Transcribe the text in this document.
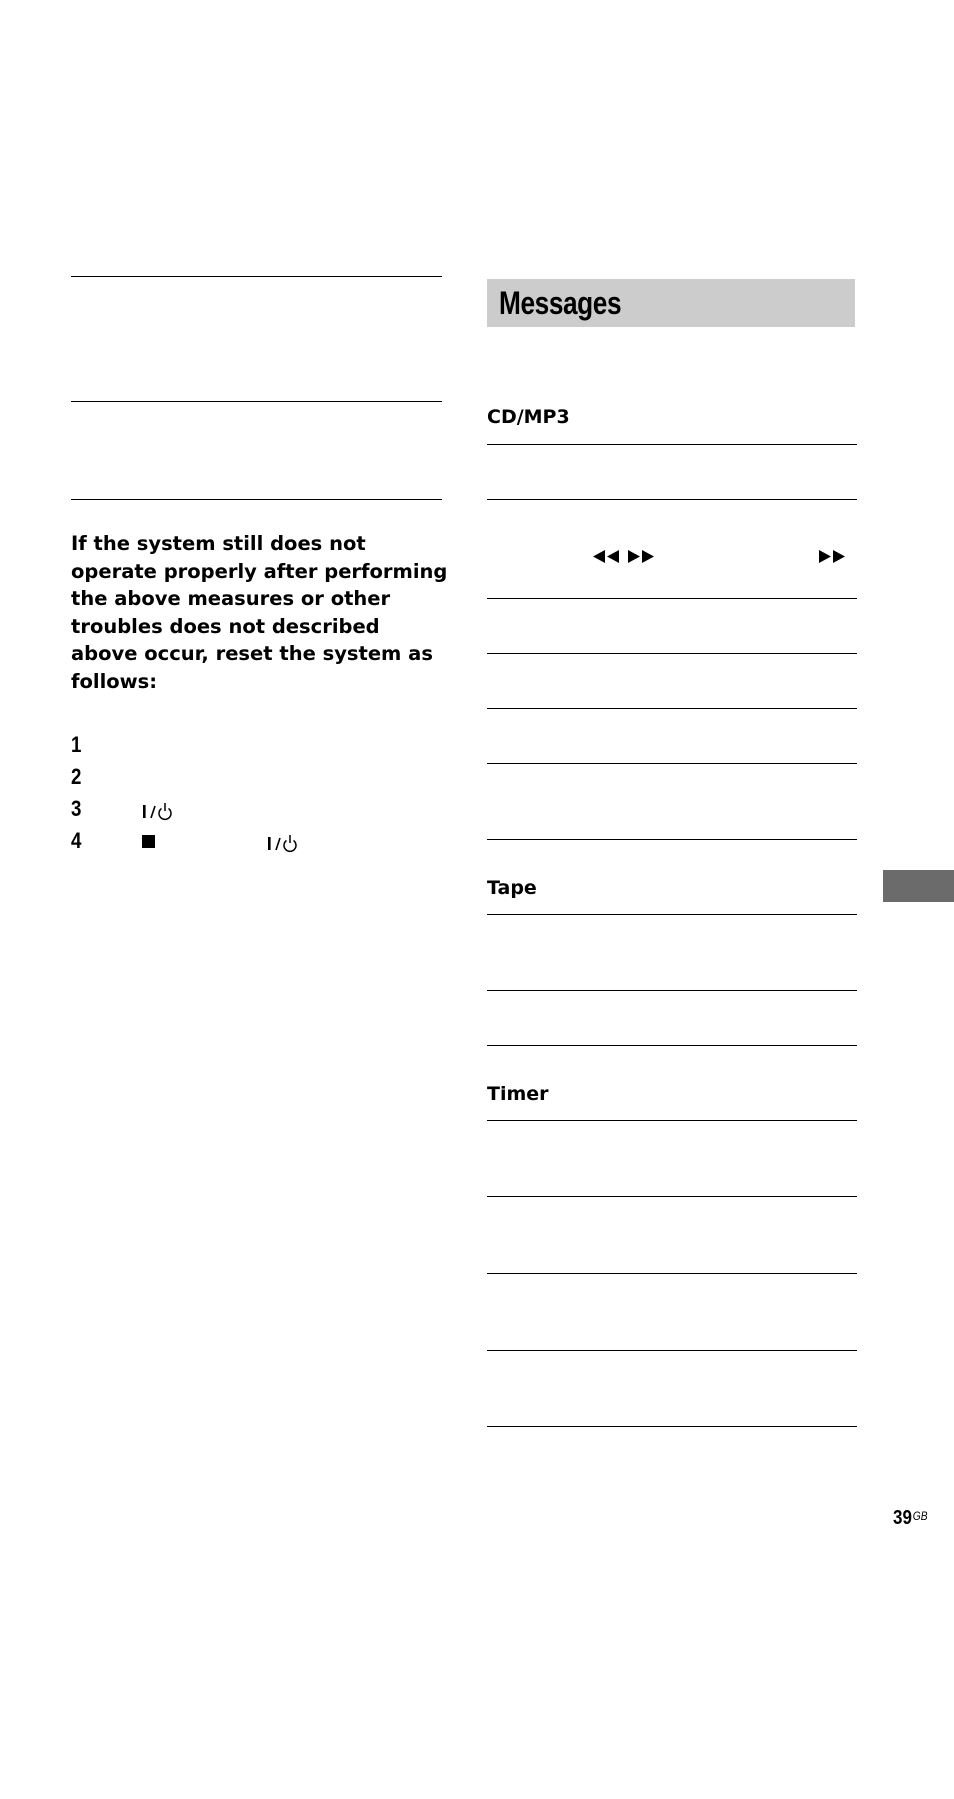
If the system still does not operate properly after performing the above measures or other troubles does not described above occur, reset the system as follows:

1
2
3
4
Messages
CD/MP3
Tape
Timer
$39^{GB}$
